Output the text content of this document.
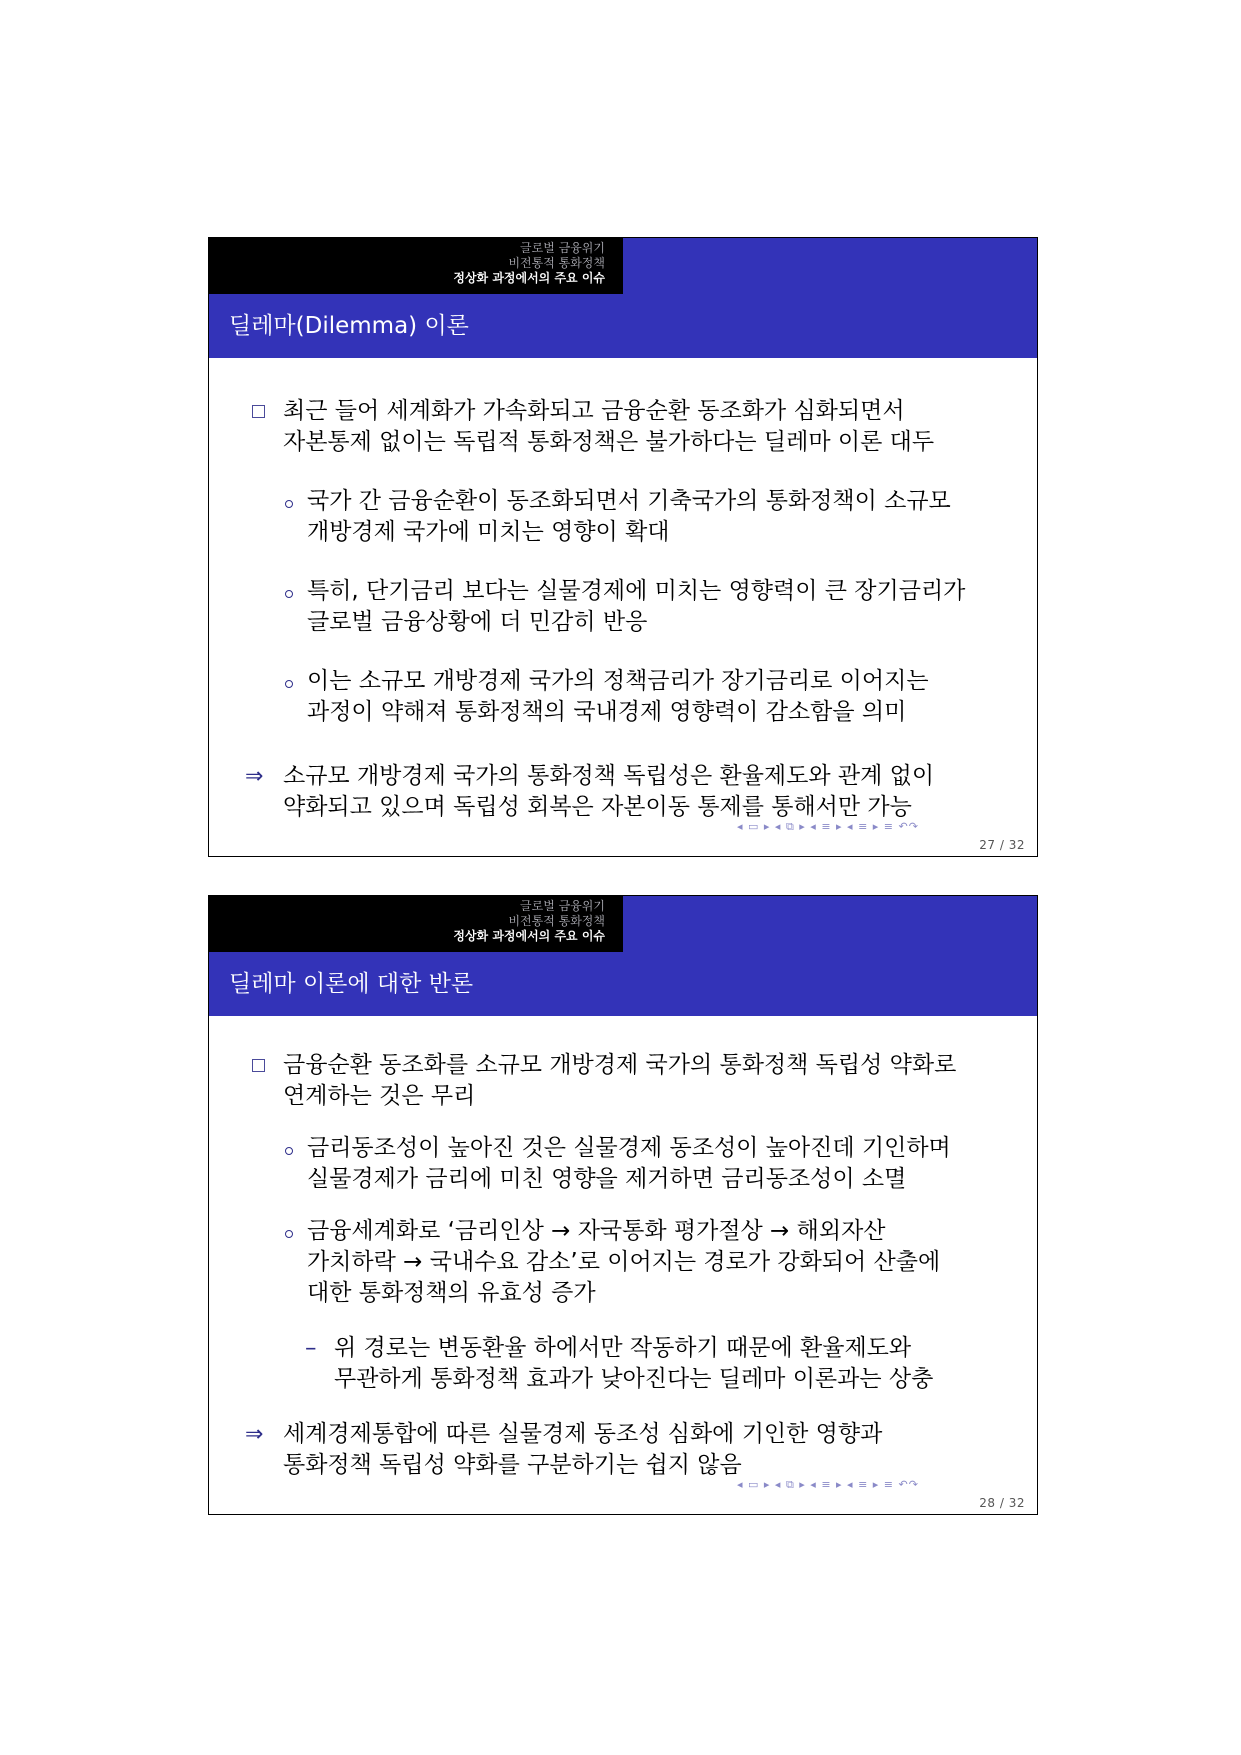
글로벌 금융위기
비전통적 통화정책
정상화 과정에서의 주요 이슈
딜레마(Dilemma) 이론
최근 들어 세계화가 가속화되고 금융순환 동조화가 심화되면서
자본통제 없이는 독립적 통화정책은 불가하다는 딜레마 이론 대두
국가 간 금융순환이 동조화되면서 기축국가의 통화정책이 소규모
개방경제 국가에 미치는 영향이 확대
특히, 단기금리 보다는 실물경제에 미치는 영향력이 큰 장기금리가
글로벌 금융상황에 더 민감히 반응
이는 소규모 개방경제 국가의 정책금리가 장기금리로 이어지는
과정이 약해져 통화정책의 국내경제 영향력이 감소함을 의미
⇒ 소규모 개방경제 국가의 통화정책 독립성은 환율제도와 관계 없이
약화되고 있으며 독립성 회복은 자본이동 통제를 통해서만 가능
◂ ▭ ▸ ◂ ⧉ ▸ ◂ ≡ ▸ ◂ ≡ ▸ ≡ ↶↷
27 / 32
글로벌 금융위기
비전통적 통화정책
정상화 과정에서의 주요 이슈
딜레마 이론에 대한 반론
금융순환 동조화를 소규모 개방경제 국가의 통화정책 독립성 약화로
연계하는 것은 무리
금리동조성이 높아진 것은 실물경제 동조성이 높아진데 기인하며
실물경제가 금리에 미친 영향을 제거하면 금리동조성이 소멸
금융세계화로 ‘금리인상 → 자국통화 평가절상 → 해외자산
가치하락 → 국내수요 감소’로 이어지는 경로가 강화되어 산출에
대한 통화정책의 유효성 증가
– 위 경로는 변동환율 하에서만 작동하기 때문에 환율제도와
무관하게 통화정책 효과가 낮아진다는 딜레마 이론과는 상충
⇒ 세계경제통합에 따른 실물경제 동조성 심화에 기인한 영향과
통화정책 독립성 약화를 구분하기는 쉽지 않음
◂ ▭ ▸ ◂ ⧉ ▸ ◂ ≡ ▸ ◂ ≡ ▸ ≡ ↶↷
28 / 32
